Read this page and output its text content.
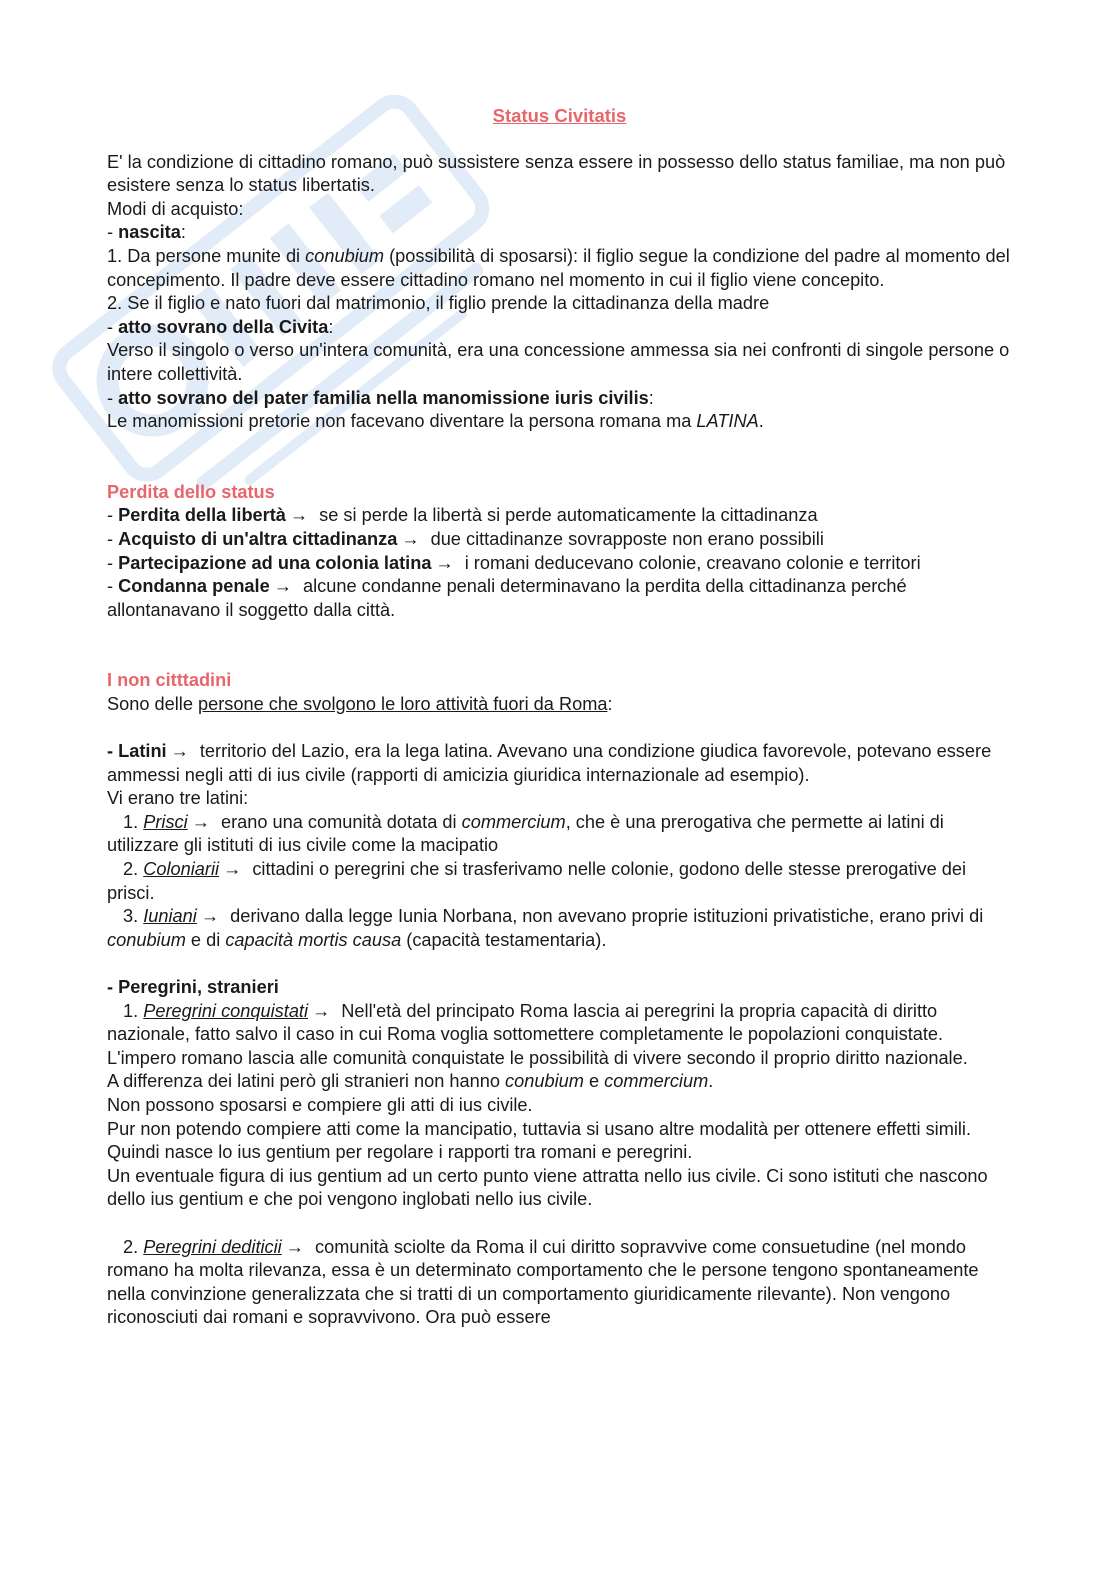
Status Civitatis

E' la condizione di cittadino romano, può sussistere senza essere in possesso dello status familiae, ma non può esistere senza lo status libertatis.

Modi di acquisto:

- nascita:

1. Da persone munite di conubium (possibilità di sposarsi): il figlio segue la condizione del padre al momento del concepimento. Il padre deve essere cittadino romano nel momento in cui il figlio viene concepito.

2. Se il figlio e nato fuori dal matrimonio, il figlio prende la cittadinanza della madre

- atto sovrano della Civita:

Verso il singolo o verso un'intera comunità, era una concessione ammessa sia nei confronti di singole persone o intere collettività.

- atto sovrano del pater familia nella manomissione iuris civilis:

Le manomissioni pretorie non facevano diventare la persona romana ma LATINA.

Perdita dello status

- Perdita della libertà → se si perde la libertà si perde automaticamente la cittadinanza

- Acquisto di un'altra cittadinanza → due cittadinanze sovrapposte non erano possibili

- Partecipazione ad una colonia latina → i romani deducevano colonie, creavano colonie e territori

- Condanna penale → alcune condanne penali determinavano la perdita della cittadinanza perché allontanavano il soggetto dalla città.

I non citttadini

Sono delle persone che svolgono le loro attività fuori da Roma:

- Latini → territorio del Lazio, era la lega latina. Avevano una condizione giudica favorevole, potevano essere ammessi negli atti di ius civile (rapporti di amicizia giuridica internazionale ad esempio).

Vi erano tre latini:

1. Prisci → erano una comunità dotata di commercium, che è una prerogativa che permette ai latini di utilizzare gli istituti di ius civile come la macipatio

2. Coloniarii → cittadini o peregrini che si trasferivamo nelle colonie, godono delle stesse prerogative dei prisci.

3. Iuniani → derivano dalla legge Iunia Norbana, non avevano proprie istituzioni privatistiche, erano privi di conubium e di capacità mortis causa (capacità testamentaria).

- Peregrini, stranieri

1. Peregrini conquistati → Nell'età del principato Roma lascia ai peregrini la propria capacità di diritto nazionale, fatto salvo il caso in cui Roma voglia sottomettere completamente le popolazioni conquistate. L'impero romano lascia alle comunità conquistate le possibilità di vivere secondo il proprio diritto nazionale.

A differenza dei latini però gli stranieri non hanno conubium e commercium.

Non possono sposarsi e compiere gli atti di ius civile.

Pur non potendo compiere atti come la mancipatio, tuttavia si usano altre modalità per ottenere effetti simili.

Quindi nasce lo ius gentium per regolare i rapporti tra romani e peregrini.

Un eventuale figura di ius gentium ad un certo punto viene attratta nello ius civile. Ci sono istituti che nascono dello ius gentium e che poi vengono inglobati nello ius civile.

2. Peregrini dediticii → comunità sciolte da Roma il cui diritto sopravvive come consuetudine (nel mondo romano ha molta rilevanza, essa è un determinato comportamento che le persone tengono spontaneamente nella convinzione generalizzata che si tratti di un comportamento giuridicamente rilevante). Non vengono riconosciuti dai romani e sopravvivono. Ora può essere
